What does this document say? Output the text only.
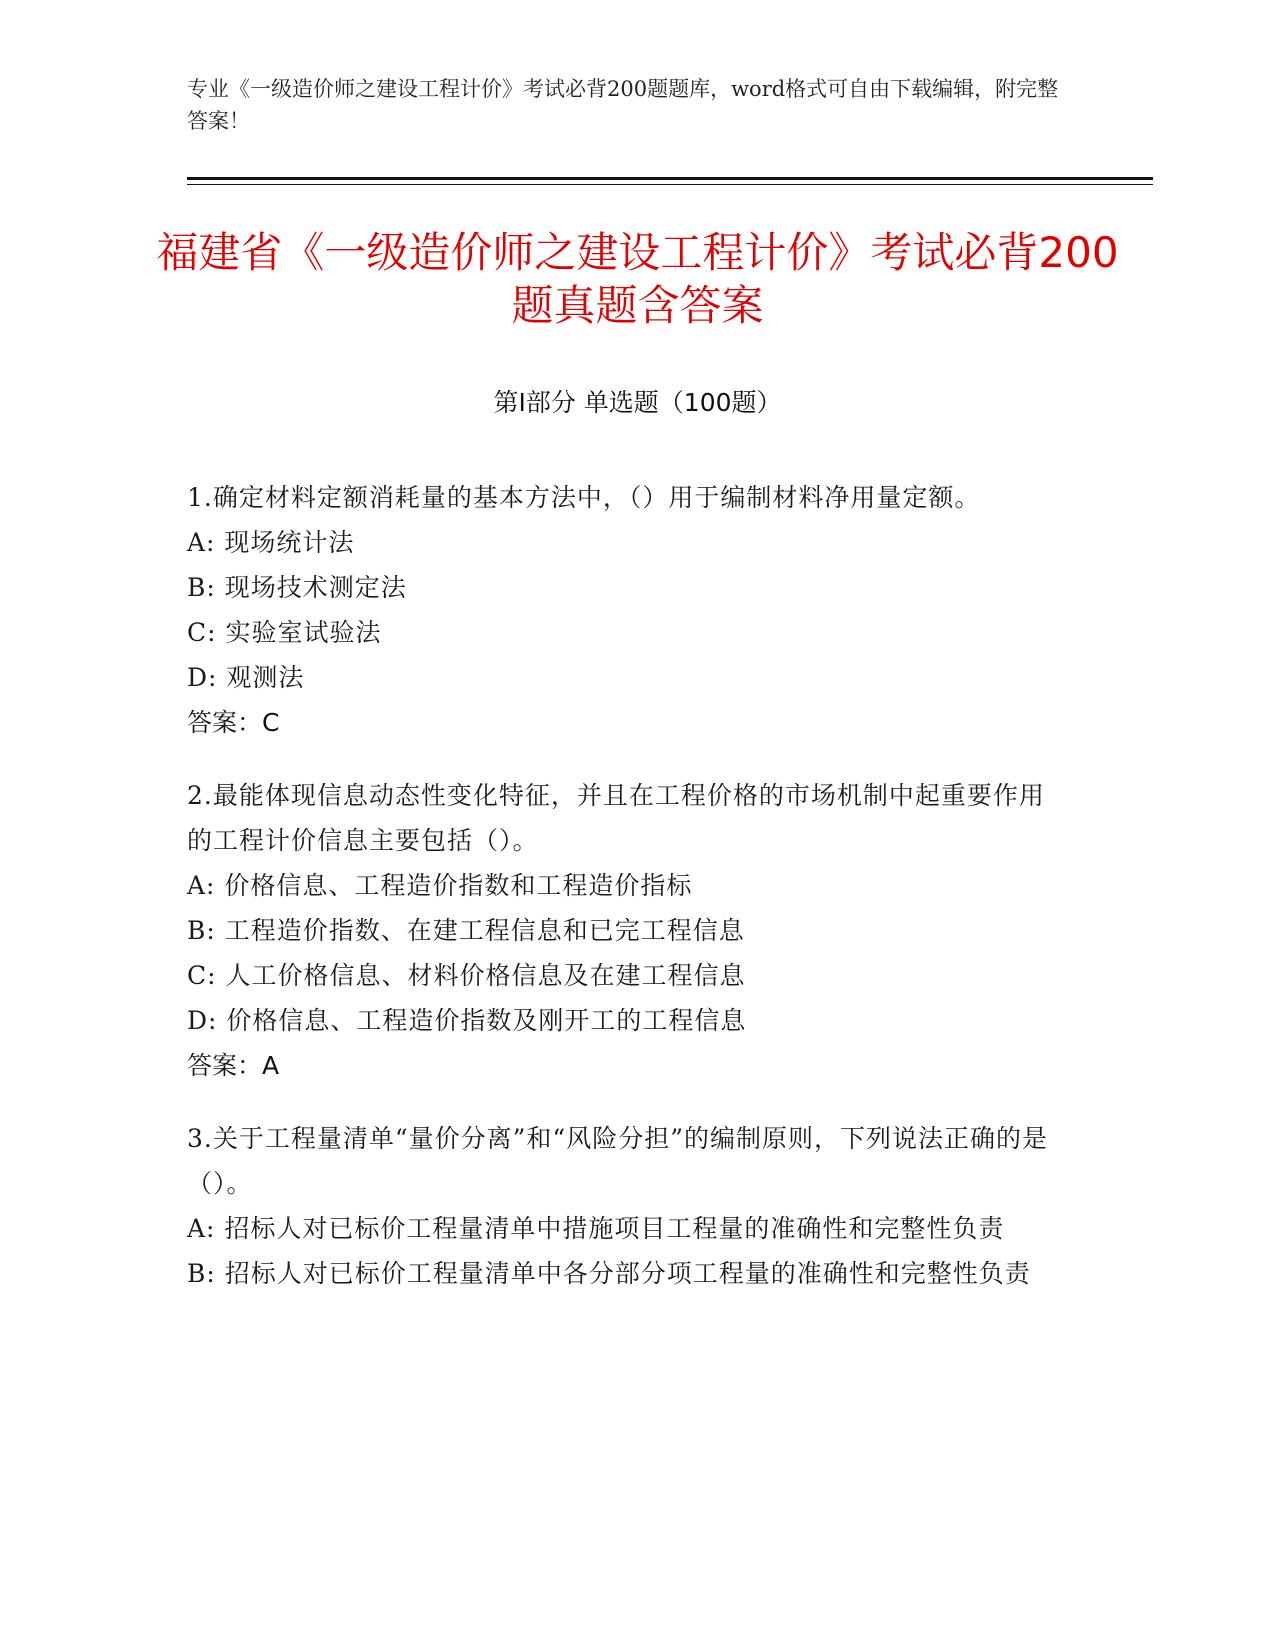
专业《一级造价师之建设工程计价》考试必背200题题库，word格式可自由下载编辑，附完整答案！
福建省《一级造价师之建设工程计价》考试必背200题真题含答案
第I部分 单选题（100题）

1.确定材料定额消耗量的基本方法中，（）用于编制材料净用量定额。

A: 现场统计法

B: 现场技术测定法

C: 实验室试验法

D: 观测法

答案：C

2.最能体现信息动态性变化特征，并且在工程价格的市场机制中起重要作用的工程计价信息主要包括（）。

A: 价格信息、工程造价指数和工程造价指标

B: 工程造价指数、在建工程信息和已完工程信息

C: 人工价格信息、材料价格信息及在建工程信息

D: 价格信息、工程造价指数及刚开工的工程信息

答案：A

3.关于工程量清单“量价分离”和“风险分担”的编制原则，下列说法正确的是（）。

A: 招标人对已标价工程量清单中措施项目工程量的准确性和完整性负责

B: 招标人对已标价工程量清单中各分部分项工程量的准确性和完整性负责
